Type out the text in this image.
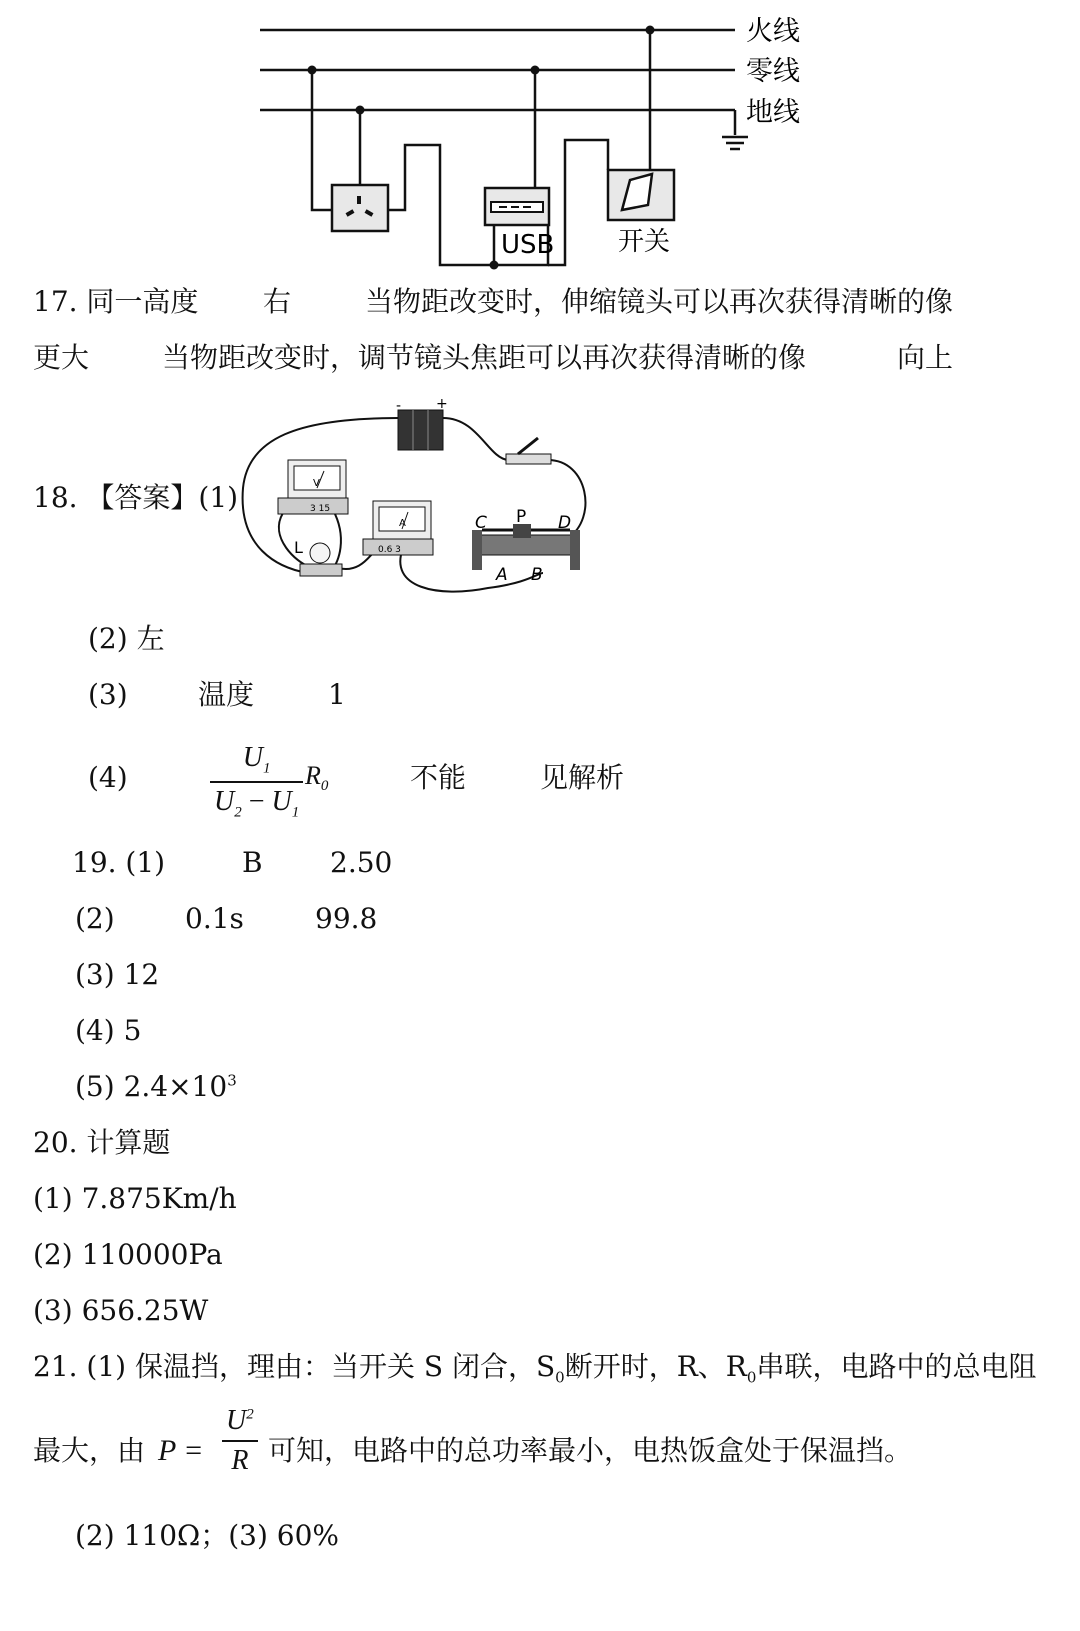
火线
零线
地线
USB 开关
17. 同一高度 右	当物距改变时，伸缩镜头可以再次获得清晰的像
更大	当物距改变时，调节镜头焦距可以再次获得清晰的像	向上
18. 【答案】(1)
- +
V
3 15
A
0.6 3
L
C P D
A B
(2) 左
(3)	温度	1
(4)
$U_1$
$U_2 - U_1$
$R_0$	不能	见解析
19. (1)	B 2.50
(2)	0.1s	99.8
(3) 12
(4) 5
(5) $2.4\times 10^3$
20. 计算题
(1) 7.875Km/h
(2) 110000Pa
(3) 656.25W
21. (1) 保温挡，理由：当开关 S 闭合，$S_0$断开时，R、$R_0$串联，电路中的总电阻
最大，由 P =
$U^2$
R 可知，电路中的总功率最小，电热饭盒处于保温挡。
(2) 110Ω；(3) 60%
